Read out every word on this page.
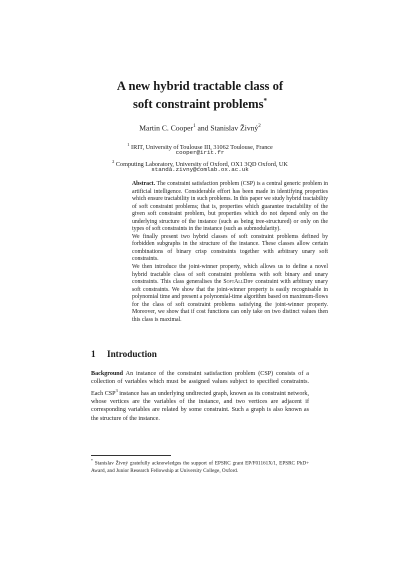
A new hybrid tractable class of
soft constraint problems*
Martin C. Cooper$^1$ and Stanislav Živný$^2$
$^1$ IRIT, University of Toulouse III, 31062 Toulouse, France
cooper@irit.fr
$^2$ Computing Laboratory, University of Oxford, OX1 3QD Oxford, UK
standa.zivny@comlab.ox.ac.uk

Abstract. The constraint satisfaction problem (CSP) is a central generic problem in artificial intelligence. Considerable effort has been made in identifying properties which ensure tractability in such problems. In this paper we study hybrid tractability of soft constraint problems; that is, properties which guarantee tractability of the given soft constraint problem, but properties which do not depend only on the underlying structure of the instance (such as being tree-structured) or only on the types of soft constraints in the instance (such as submodularity).

We finally present two hybrid classes of soft constraint problems defined by forbidden subgraphs in the structure of the instance. These classes allow certain combinations of binary crisp constraints together with arbitrary unary soft constraints.

We then introduce the joint-winner property, which allows us to define a novel hybrid tractable class of soft constraint problems with soft binary and unary constraints. This class generalises the SoftAllDiff constraint with arbitrary unary soft constraints. We show that the joint-winner property is easily recognisable in polynomial time and present a polynomial-time algorithm based on maximum-flows for the class of soft constraint problems satisfying the joint-winner property. Moreover, we show that if cost functions can only take on two distinct values then this class is maximal.

1 Introduction

Background An instance of the constraint satisfaction problem (CSP) consists of a collection of variables which must be assigned values subject to specified constraints. Each CSP$^3$ instance has an underlying undirected graph, known as its constraint network, whose vertices are the variables of the instance, and two vertices are adjacent if corresponding variables are related by some constraint. Such a graph is also known as the structure of the instance.

* Stanislav Živný gratefully acknowledges the support of EPSRC grant EP/F01161X/1, EPSRC PhD+ Award, and Junior Research Fellowship at University College, Oxford.
